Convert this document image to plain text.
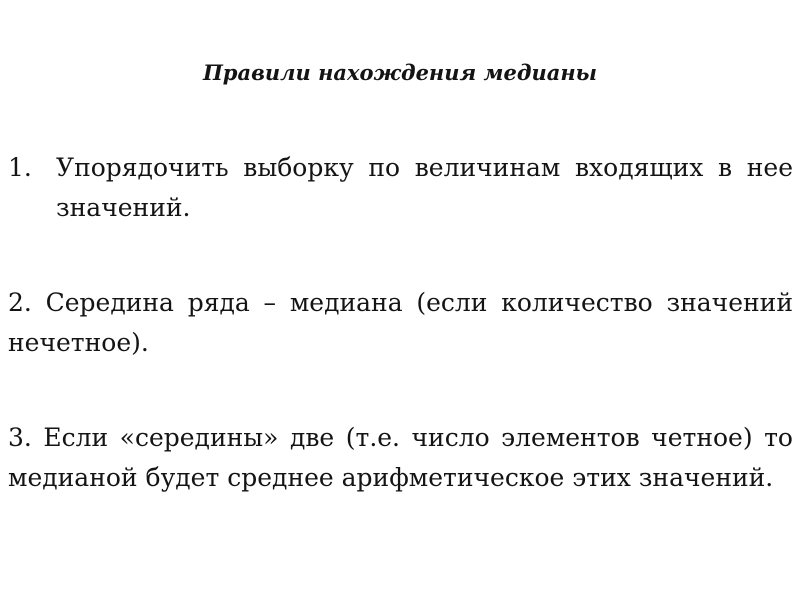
Правили нахождения медианы
1. Упорядочить выборку по величинам входящих в нее значений.
2. Середина ряда – медиана (если количество значений нечетное).
3. Если «середины» две (т.е. число элементов четное) то медианой будет среднее арифметическое этих значений.
